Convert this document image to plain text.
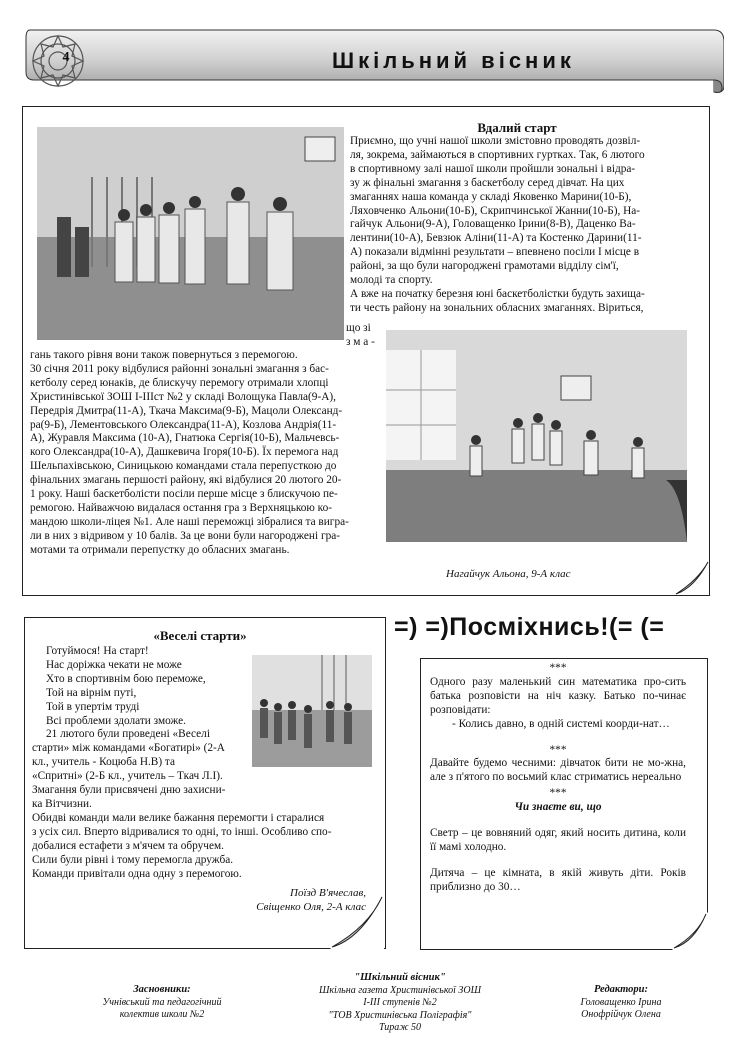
4	Шкільний вісник
Вдалий старт
Приємно, що учні нашої школи змістовно проводять дозвіл-
ля, зокрема, займаються в спортивних гуртках. Так, 6 лютого
в спортивному залі нашої школи пройшли зональні і відра-
зу ж фінальні змагання з баскетболу серед дівчат. На цих
змаганнях наша команда у складі Яковенко Марини(10-Б),
Ляховченко Альони(10-Б), Скрипчинської Жанни(10-Б), На-
гайчук Альони(9-А), Головащенко Ірини(8-В), Даценко Ва-
лентини(10-А), Бевзюк Аліни(11-А) та Костенко Дарини(11-
А) показали відмінні результати – впевнено посіли І місце в
районі, за що були нагороджені грамотами відділу сім'ї,
молоді та спорту.
А вже на початку березня юні баскетболістки будуть захища-
ти честь району на зональних обласних змаганнях. Віриться,
що зі
з м а -
гань такого рівня вони також повернуться з перемогою.
30 січня 2011 року відбулися районні зональні змагання з бас-
кетболу серед юнаків, де блискучу перемогу отримали хлопці
Христинівської ЗОШ І-ІІІст №2 у складі Волощука Павла(9-А),
Передрія Дмитра(11-А), Ткача Максима(9-Б), Мацоли Олександ-
ра(9-Б), Лементовського Олександра(11-А), Козлова Андрія(11-
А), Журавля Максима (10-А), Гнатюка Сергія(10-Б), Мальчевсь-
кого Олександра(10-А), Дашкевича Ігоря(10-Б). Їх перемога над
Шельпахівською, Синицькою командами стала перепусткою до
фінальних змагань першості району, які відбулися 20 лютого 20-
1 року. Наші баскетболісти посіли перше місце з блискучою пе-
ремогою. Найважчою видалася остання гра з Верхняцькою ко-
мандою школи-ліцея №1. Але наші переможці зібралися та вигра-
ли в них з відривом у 10 балів. За це вони були нагороджені гра-
мотами та отримали перепустку до обласних змагань.
Нагайчук Альона, 9-А клас
«Веселі старти»
Готуймося! На старт!
Нас доріжка чекати не може
Хто в спортивнім бою переможе,
Той на вірнім путі,
Той в упертім труді
Всі проблеми здолати зможе.
21 лютого були проведені «Веселі
старти» між командами «Богатирі» (2-А
кл., учитель - Коцюба Н.В) та
«Спритні» (2-Б кл., учитель – Ткач Л.І).
Змагання були присвячені дню захисни-
ка Вітчизни.
Обидві команди мали велике бажання перемогти і старалися
з усіх сил. Вперто відривалися то одні, то інші. Особливо спо-
добалися естафети з м'ячем та обручем.
Сили були рівні і тому перемогла дружба.
Команди привітали одна одну з перемогою.
Поїзд В'ячеслав,
Свіщенко Оля, 2-А клас
=) =)Посміхнись!(= (=

***

Одного разу маленький син математика про-сить батька розповісти на ніч казку. Батько по-чинає розповідати:

- Колись давно, в одній системі коорди-нат…

***

Давайте будемо чесними: дівчаток бити не мо-жна, але з п'ятого по восьмий клас стриматись нереально

***

Чи знаєте ви, що

Светр – це вовняний одяг, який носить дитина, коли її мамі холодно.

Дитяча – це кімната, в якій живуть діти. Років приблизно до 30…

Засновники:
Учнівський та педагогічний
колектив школи №2
"Шкільний вісник"
Шкільна газета Христинівської ЗОШ
І-ІІІ ступенів №2
"ТОВ Христинівська Поліграфія"
Тираж 50
Редактори:
Головащенко Ірина
Онофрійчук Олена
